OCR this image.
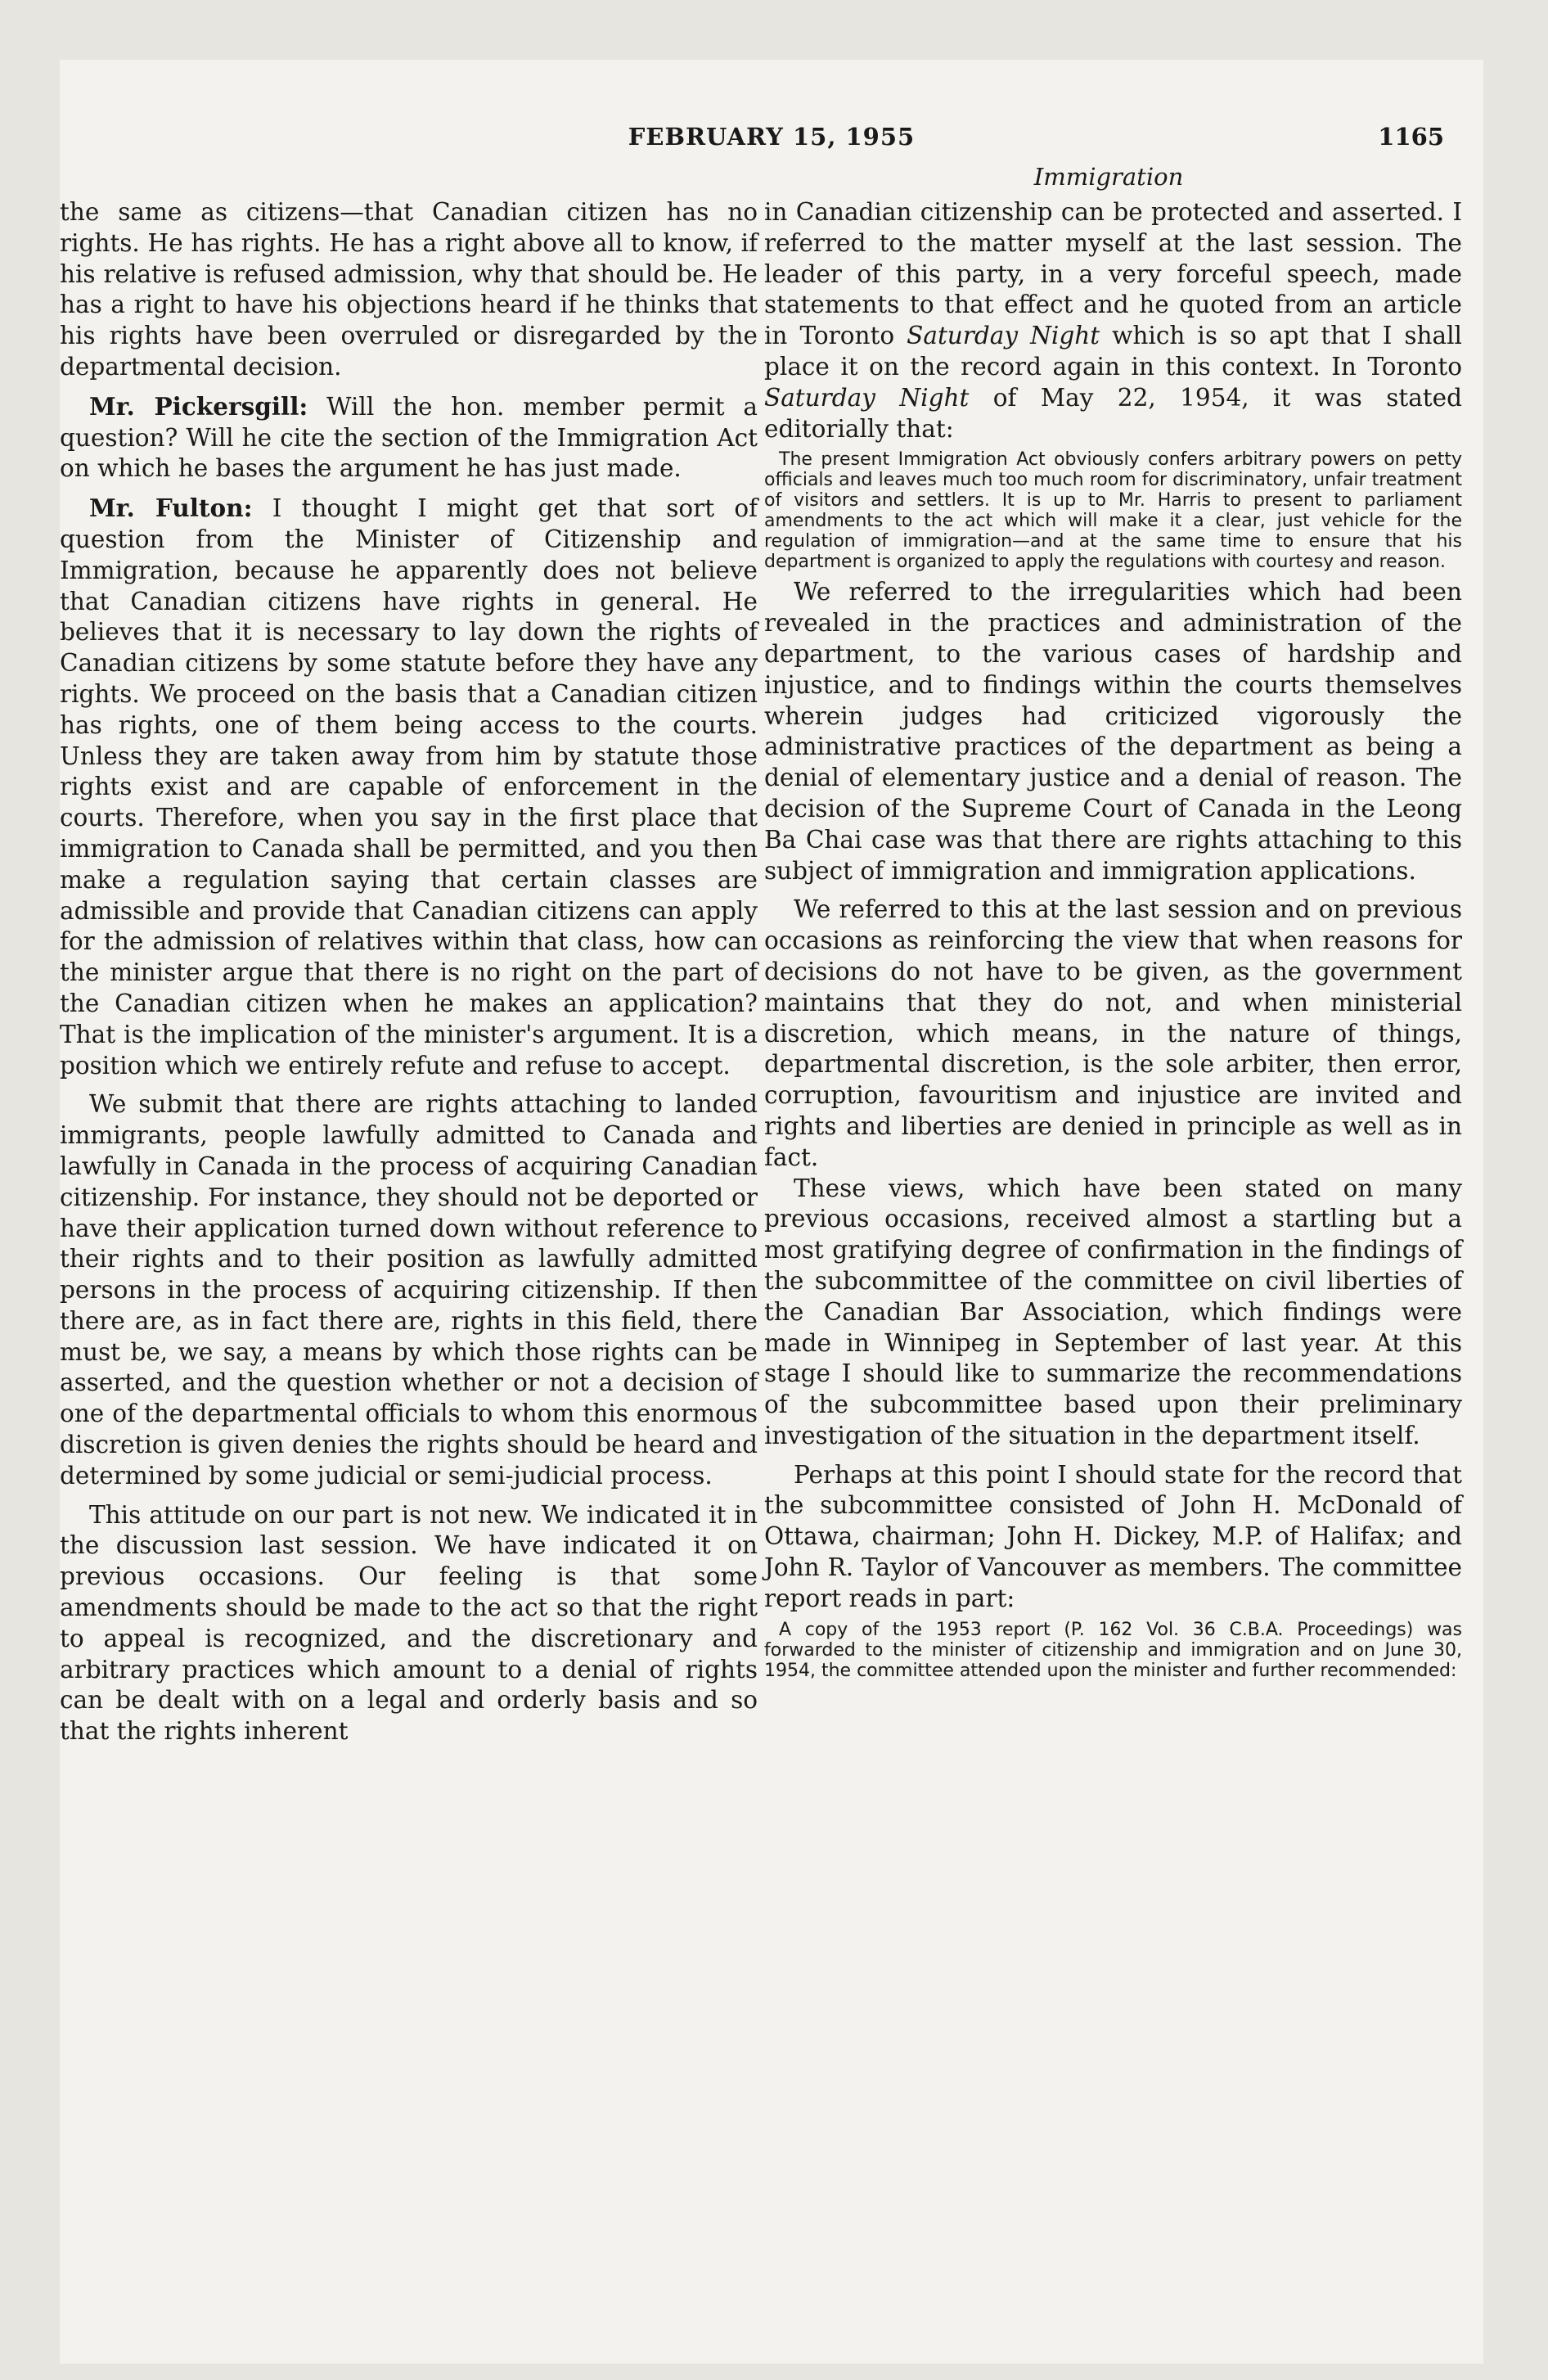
FEBRUARY 15, 1955	1165
Immigration

the same as citizens—that Canadian citizen has no rights. He has rights. He has a right above all to know, if his relative is refused admission, why that should be. He has a right to have his objections heard if he thinks that his rights have been overruled or disregarded by the departmental decision.

Mr. Pickersgill: Will the hon. member permit a question? Will he cite the section of the Immigration Act on which he bases the argument he has just made.

Mr. Fulton: I thought I might get that sort of question from the Minister of Citizenship and Immigration, because he apparently does not believe that Canadian citizens have rights in general. He believes that it is necessary to lay down the rights of Canadian citizens by some statute before they have any rights. We proceed on the basis that a Canadian citizen has rights, one of them being access to the courts. Unless they are taken away from him by statute those rights exist and are capable of enforcement in the courts. Therefore, when you say in the first place that immigration to Canada shall be permitted, and you then make a regulation saying that certain classes are admissible and provide that Canadian citizens can apply for the admission of relatives within that class, how can the minister argue that there is no right on the part of the Canadian citizen when he makes an application? That is the implication of the minister's argument. It is a position which we entirely refute and refuse to accept.

We submit that there are rights attaching to landed immigrants, people lawfully admitted to Canada and lawfully in Canada in the process of acquiring Canadian citizenship. For instance, they should not be deported or have their application turned down without reference to their rights and to their position as lawfully admitted persons in the process of acquiring citizenship. If then there are, as in fact there are, rights in this field, there must be, we say, a means by which those rights can be asserted, and the question whether or not a decision of one of the departmental officials to whom this enormous discretion is given denies the rights should be heard and determined by some judicial or semi-judicial process.

This attitude on our part is not new. We indicated it in the discussion last session. We have indicated it on previous occasions. Our feeling is that some amendments should be made to the act so that the right to appeal is recognized, and the discretionary and arbitrary practices which amount to a denial of rights can be dealt with on a legal and orderly basis and so that the rights inherent

in Canadian citizenship can be protected and asserted. I referred to the matter myself at the last session. The leader of this party, in a very forceful speech, made statements to that effect and he quoted from an article in Toronto Saturday Night which is so apt that I shall place it on the record again in this context. In Toronto Saturday Night of May 22, 1954, it was stated editorially that:

The present Immigration Act obviously confers arbitrary powers on petty officials and leaves much too much room for discriminatory, unfair treatment of visitors and settlers. It is up to Mr. Harris to present to parliament amendments to the act which will make it a clear, just vehicle for the regulation of immigration—and at the same time to ensure that his department is organized to apply the regulations with courtesy and reason.

We referred to the irregularities which had been revealed in the practices and administration of the department, to the various cases of hardship and injustice, and to findings within the courts themselves wherein judges had criticized vigorously the administrative practices of the department as being a denial of elementary justice and a denial of reason. The decision of the Supreme Court of Canada in the Leong Ba Chai case was that there are rights attaching to this subject of immigration and immigration applications.

We referred to this at the last session and on previous occasions as reinforcing the view that when reasons for decisions do not have to be given, as the government maintains that they do not, and when ministerial discretion, which means, in the nature of things, departmental discretion, is the sole arbiter, then error, corruption, favouritism and injustice are invited and rights and liberties are denied in principle as well as in fact.

These views, which have been stated on many previous occasions, received almost a startling but a most gratifying degree of confirmation in the findings of the subcommittee of the committee on civil liberties of the Canadian Bar Association, which findings were made in Winnipeg in September of last year. At this stage I should like to summarize the recommendations of the subcommittee based upon their preliminary investigation of the situation in the department itself.

Perhaps at this point I should state for the record that the subcommittee consisted of John H. McDonald of Ottawa, chairman; John H. Dickey, M.P. of Halifax; and John R. Taylor of Vancouver as members. The committee report reads in part:

A copy of the 1953 report (P. 162 Vol. 36 C.B.A. Proceedings) was forwarded to the minister of citizenship and immigration and on June 30, 1954, the committee attended upon the minister and further recommended:
